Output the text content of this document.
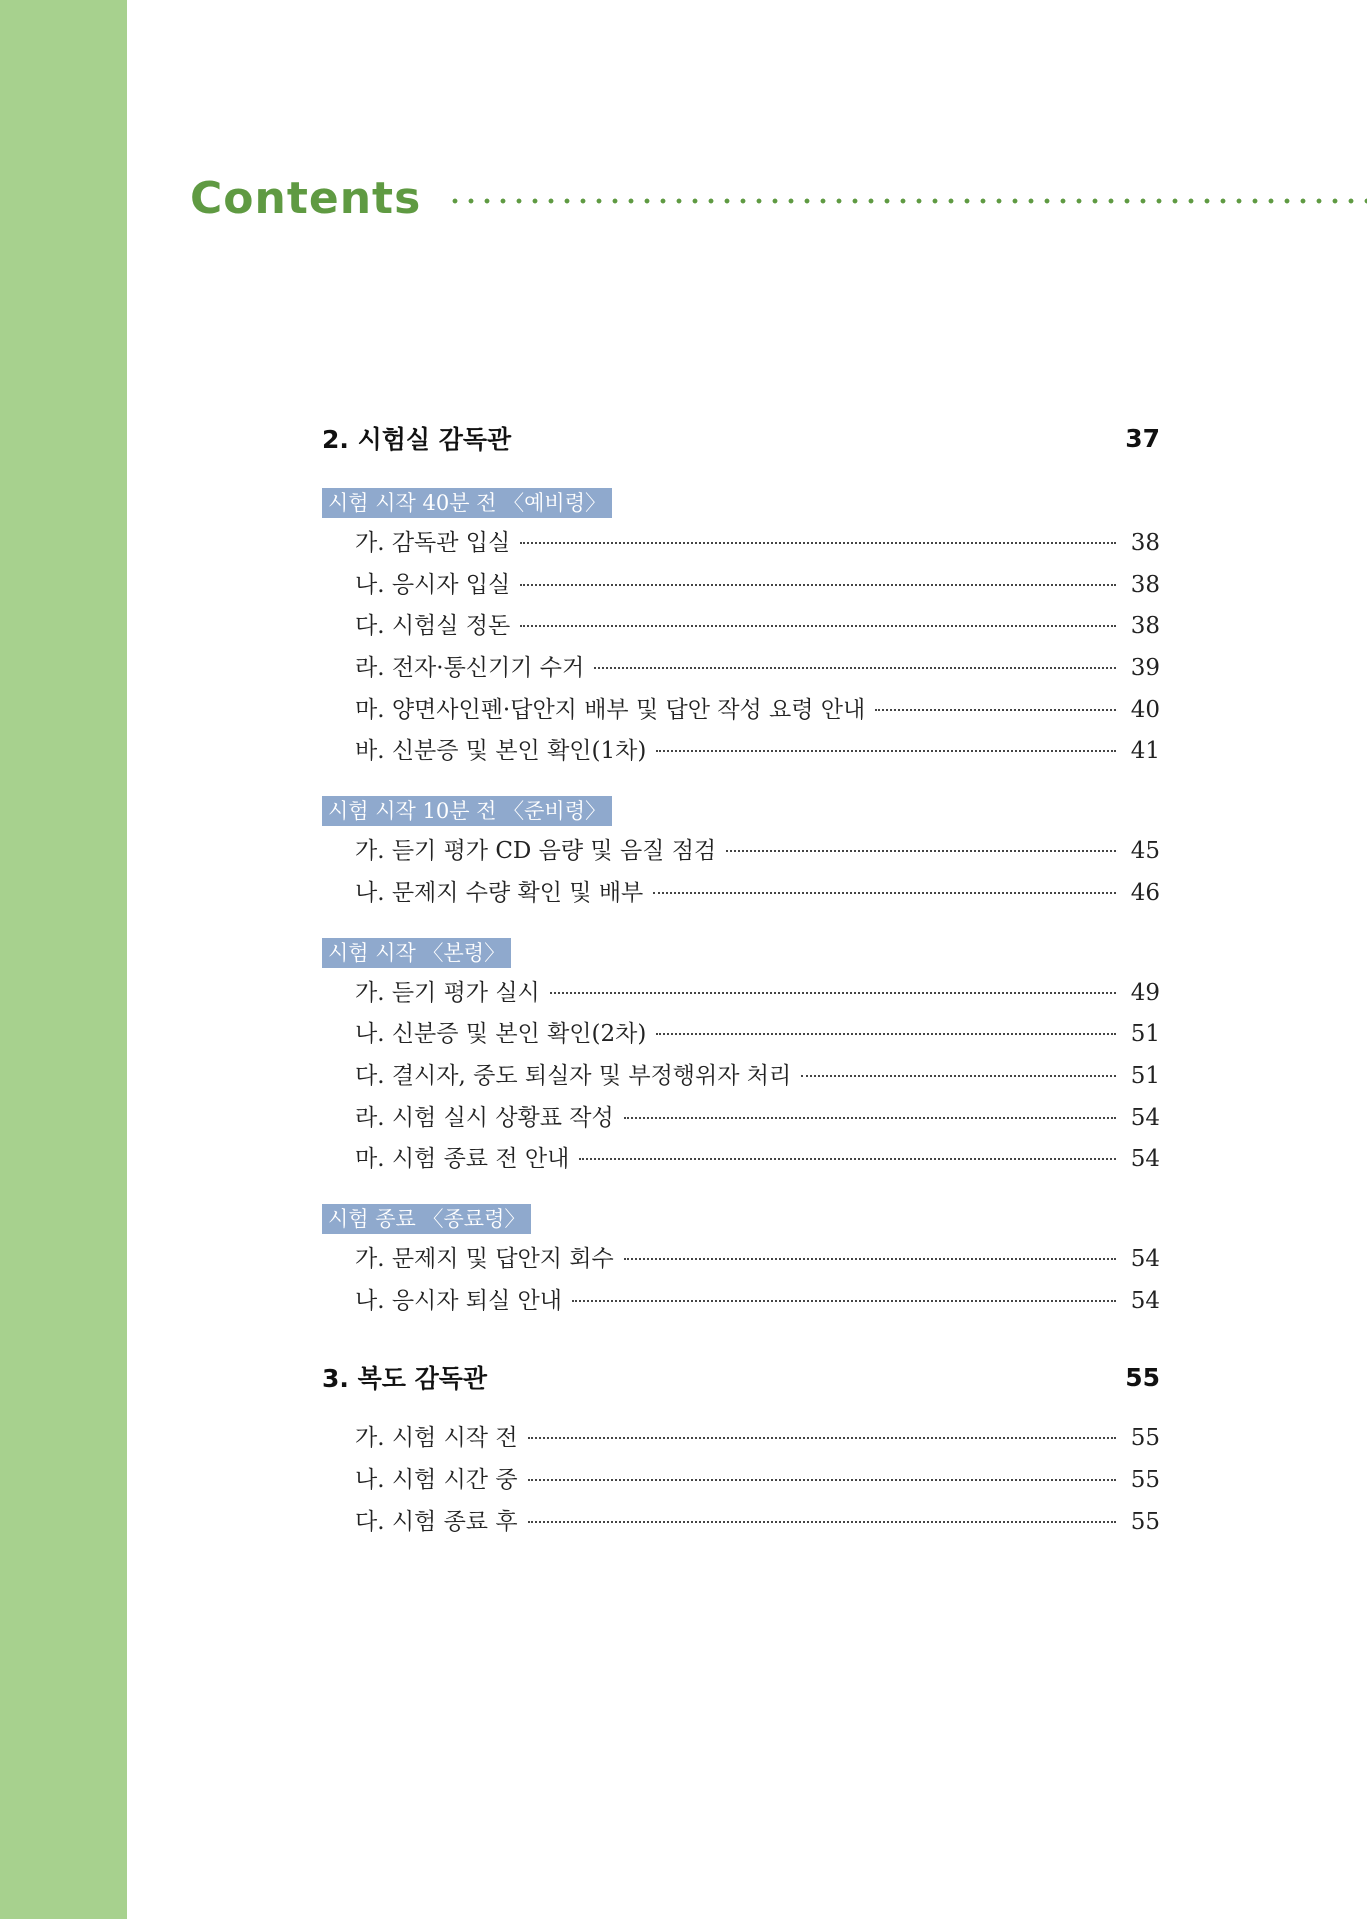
Contents
2. 시험실 감독관	37
시험 시작 40분 전 〈예비령〉
가. 감독관 입실	38
나. 응시자 입실	38
다. 시험실 정돈	38
라. 전자·통신기기 수거	39
마. 양면사인펜·답안지 배부 및 답안 작성 요령 안내	40
바. 신분증 및 본인 확인(1차)	41
시험 시작 10분 전 〈준비령〉
가. 듣기 평가 CD 음량 및 음질 점검	45
나. 문제지 수량 확인 및 배부	46
시험 시작 〈본령〉
가. 듣기 평가 실시	49
나. 신분증 및 본인 확인(2차)	51
다. 결시자, 중도 퇴실자 및 부정행위자 처리	51
라. 시험 실시 상황표 작성	54
마. 시험 종료 전 안내	54
시험 종료 〈종료령〉
가. 문제지 및 답안지 회수	54
나. 응시자 퇴실 안내	54
3. 복도 감독관	55
가. 시험 시작 전	55
나. 시험 시간 중	55
다. 시험 종료 후	55
